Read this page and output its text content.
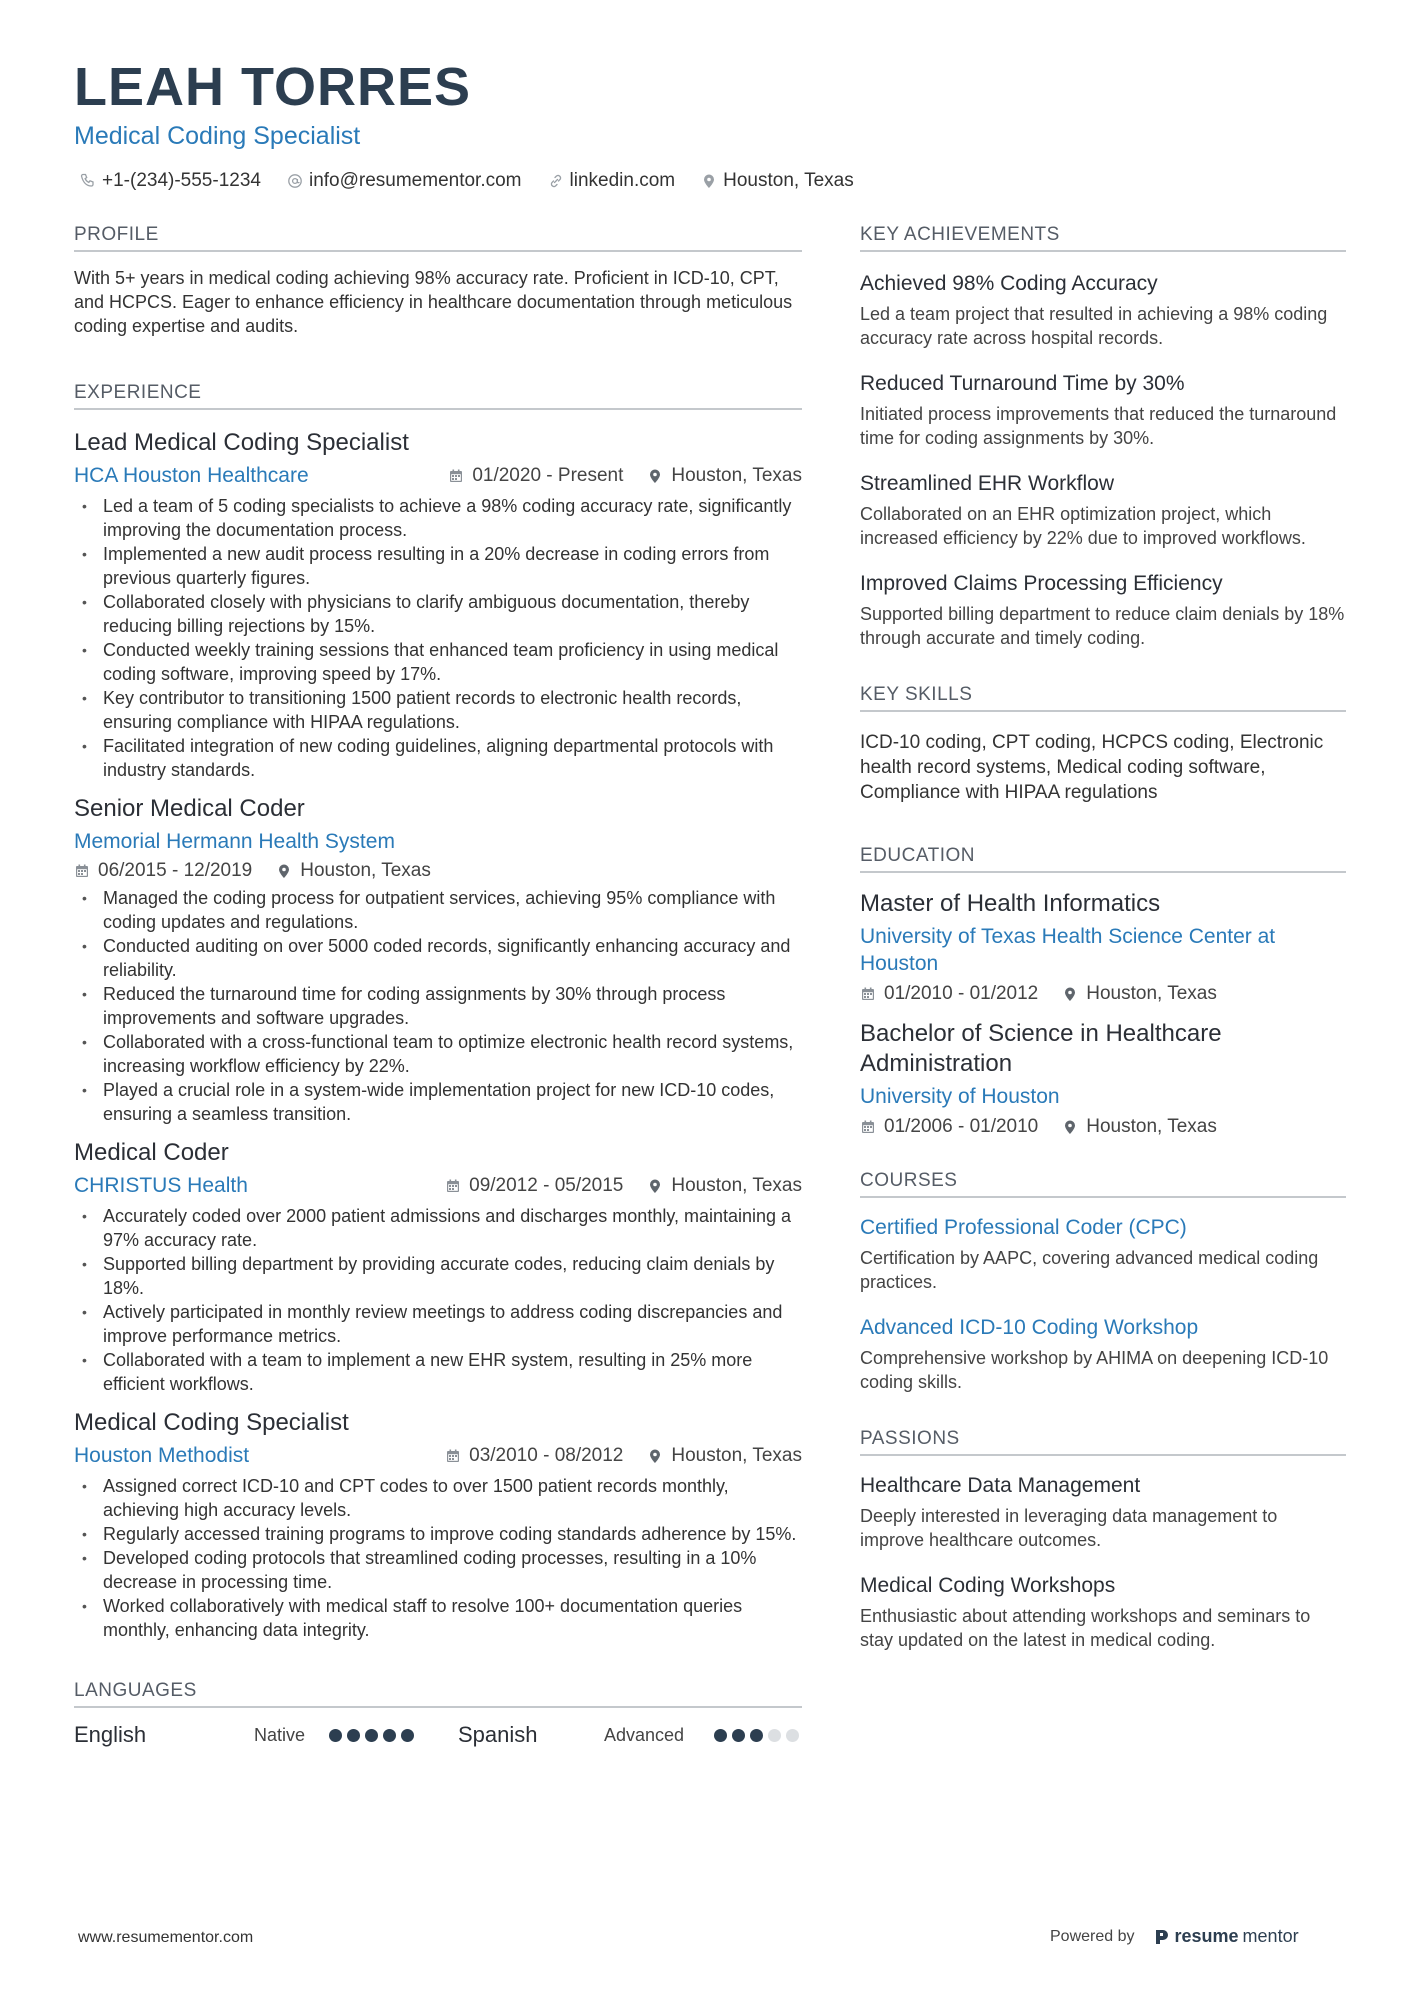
LEAH TORRES
Medical Coding Specialist
+1-(234)-555-1234	info@resumementor.com	linkedin.com	Houston, Texas
PROFILE

With 5+ years in medical coding achieving 98% accuracy rate. Proficient in ICD-10, CPT, and HCPCS. Eager to enhance efficiency in healthcare documentation through meticulous coding expertise and audits.

EXPERIENCE
Lead Medical Coding Specialist
HCA Houston Healthcare	01/2020 - Present	Houston, Texas
• Led a team of 5 coding specialists to achieve a 98% coding accuracy rate, significantly improving the documentation process.
• Implemented a new audit process resulting in a 20% decrease in coding errors from previous quarterly figures.
• Collaborated closely with physicians to clarify ambiguous documentation, thereby reducing billing rejections by 15%.
• Conducted weekly training sessions that enhanced team proficiency in using medical coding software, improving speed by 17%.
• Key contributor to transitioning 1500 patient records to electronic health records, ensuring compliance with HIPAA regulations.
• Facilitated integration of new coding guidelines, aligning departmental protocols with industry standards.
Senior Medical Coder
Memorial Hermann Health System
06/2015 - 12/2019	Houston, Texas
• Managed the coding process for outpatient services, achieving 95% compliance with coding updates and regulations.
• Conducted auditing on over 5000 coded records, significantly enhancing accuracy and reliability.
• Reduced the turnaround time for coding assignments by 30% through process improvements and software upgrades.
• Collaborated with a cross-functional team to optimize electronic health record systems, increasing workflow efficiency by 22%.
• Played a crucial role in a system-wide implementation project for new ICD-10 codes, ensuring a seamless transition.
Medical Coder
CHRISTUS Health	09/2012 - 05/2015	Houston, Texas
• Accurately coded over 2000 patient admissions and discharges monthly, maintaining a 97% accuracy rate.
• Supported billing department by providing accurate codes, reducing claim denials by 18%.
• Actively participated in monthly review meetings to address coding discrepancies and improve performance metrics.
• Collaborated with a team to implement a new EHR system, resulting in 25% more efficient workflows.
Medical Coding Specialist
Houston Methodist	03/2010 - 08/2012	Houston, Texas
• Assigned correct ICD-10 and CPT codes to over 1500 patient records monthly, achieving high accuracy levels.
• Regularly accessed training programs to improve coding standards adherence by 15%.
• Developed coding protocols that streamlined coding processes, resulting in a 10% decrease in processing time.
• Worked collaboratively with medical staff to resolve 100+ documentation queries monthly, enhancing data integrity.
LANGUAGES
English	Native	Spanish	Advanced
KEY ACHIEVEMENTS
Achieved 98% Coding Accuracy
Led a team project that resulted in achieving a 98% coding accuracy rate across hospital records.
Reduced Turnaround Time by 30%
Initiated process improvements that reduced the turnaround time for coding assignments by 30%.
Streamlined EHR Workflow
Collaborated on an EHR optimization project, which increased efficiency by 22% due to improved workflows.
Improved Claims Processing Efficiency
Supported billing department to reduce claim denials by 18% through accurate and timely coding.
KEY SKILLS
ICD-10 coding, CPT coding, HCPCS coding, Electronic health record systems, Medical coding software, Compliance with HIPAA regulations
EDUCATION
Master of Health Informatics
University of Texas Health Science Center at Houston
01/2010 - 01/2012	Houston, Texas
Bachelor of Science in Healthcare Administration
University of Houston
01/2006 - 01/2010	Houston, Texas
COURSES
Certified Professional Coder (CPC)
Certification by AAPC, covering advanced medical coding practices.
Advanced ICD-10 Coding Workshop
Comprehensive workshop by AHIMA on deepening ICD-10 coding skills.
PASSIONS
Healthcare Data Management
Deeply interested in leveraging data management to improve healthcare outcomes.
Medical Coding Workshops
Enthusiastic about attending workshops and seminars to stay updated on the latest in medical coding.
www.resumementor.com	Powered by resume mentor
